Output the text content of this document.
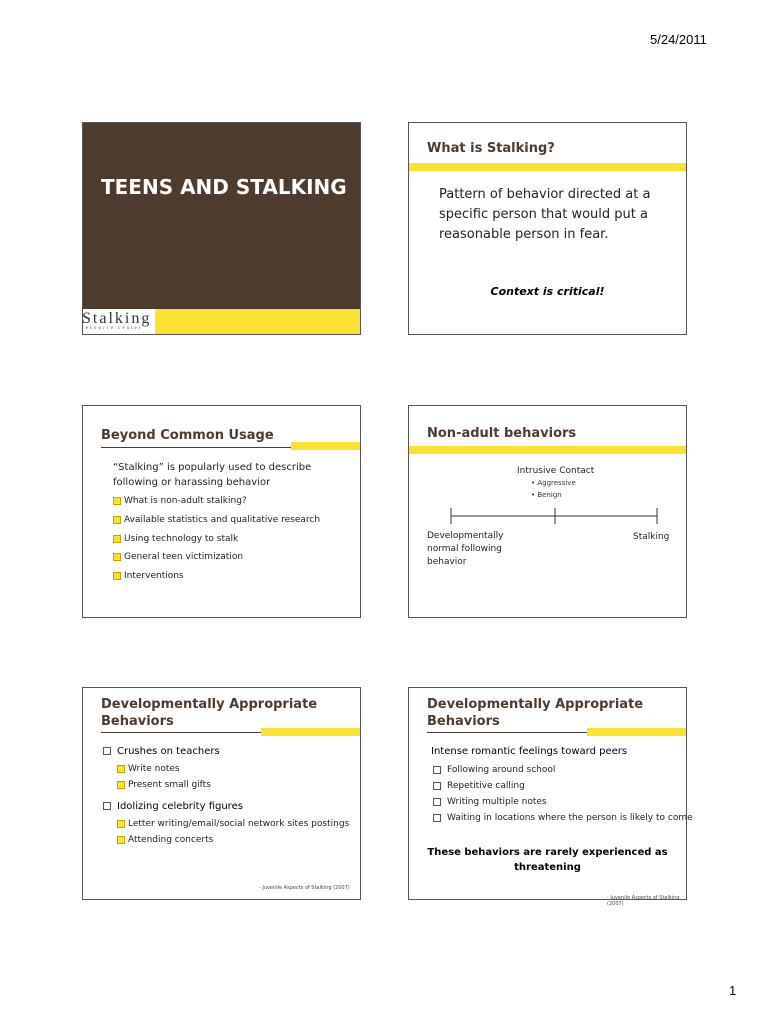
5/24/2011
TEENS AND STALKING
Stalking
resource center
What is Stalking?
Pattern of behavior directed at a
specific person that would put a
reasonable person in fear.
Context is critical!
Beyond Common Usage
“Stalking” is popularly used to describe
following or harassing behavior
What is non-adult stalking?
Available statistics and qualitative research
Using technology to stalk
General teen victimization
Interventions
Non-adult behaviors
Intrusive Contact
• Aggressive
• Benign
Developmentally
normal following
behavior
Stalking
Developmentally Appropriate
Behaviors
Crushes on teachers
Write notes
Present small gifts
Idolizing celebrity figures
Letter writing/email/social network sites postings
Attending concerts
- Juvenile Aspects of Stalking (2007)
Developmentally Appropriate
Behaviors
Intense romantic feelings toward peers
Following around school
Repetitive calling
Writing multiple notes
Waiting in locations where the person is likely to come
These behaviors are rarely experienced as
threatening
- Juvenile Aspects of Stalking (2007)
1
